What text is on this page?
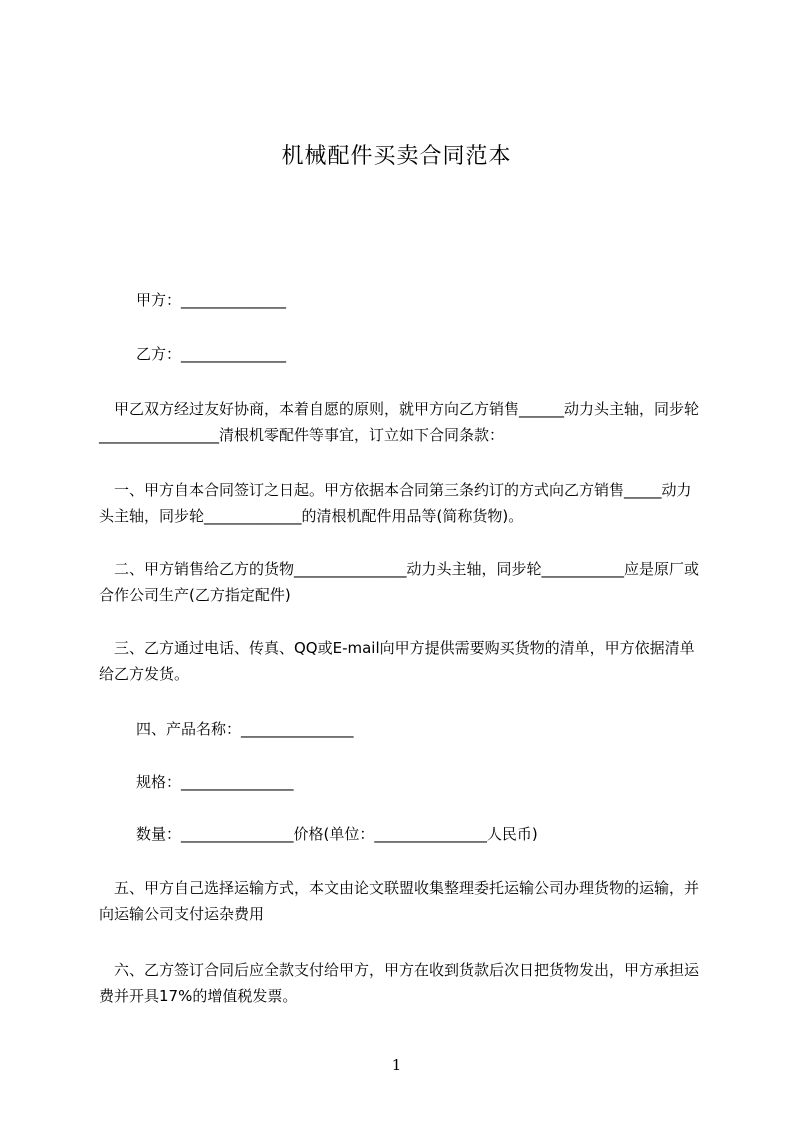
机械配件买卖合同范本
甲方：______________
乙方：______________
　甲乙双方经过友好协商，本着自愿的原则，就甲方向乙方销售______动力头主轴，同步轮________________清根机零配件等事宜，订立如下合同条款：
　一、甲方自本合同签订之日起。甲方依据本合同第三条约订的方式向乙方销售_____动力头主轴，同步轮_____________的清根机配件用品等(简称货物)。
　二、甲方销售给乙方的货物_______________动力头主轴，同步轮___________应是原厂或合作公司生产(乙方指定配件)
　三、乙方通过电话、传真、QQ或E-mail向甲方提供需要购买货物的清单，甲方依据清单给乙方发货。
四、产品名称：_______________
规格：_______________
数量：_______________价格(单位：_______________人民币)
　五、甲方自己选择运输方式，本文由论文联盟收集整理委托运输公司办理货物的运输，并向运输公司支付运杂费用
　六、乙方签订合同后应全款支付给甲方，甲方在收到货款后次日把货物发出，甲方承担运费并开具17%的增值税发票。
1
